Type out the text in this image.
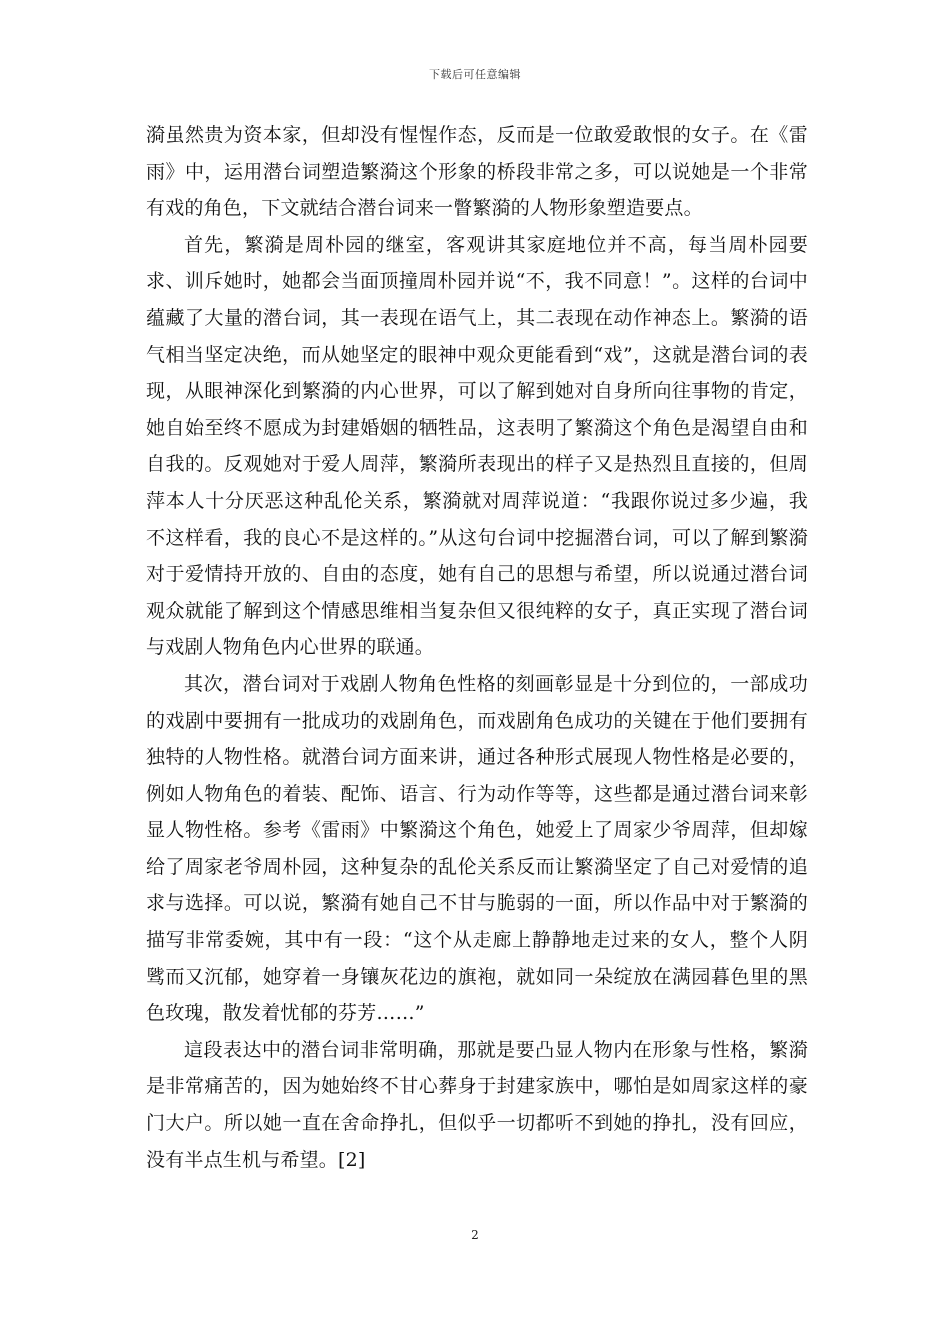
下载后可任意编辑

漪虽然贵为资本家，但却没有惺惺作态，反而是一位敢爱敢恨的女子。在《雷雨》中，运用潜台词塑造繁漪这个形象的桥段非常之多，可以说她是一个非常有戏的角色，下文就结合潜台词来一瞥繁漪的人物形象塑造要点。

首先，繁漪是周朴园的继室，客观讲其家庭地位并不高，每当周朴园要求、训斥她时，她都会当面顶撞周朴园并说“不，我不同意！”。这样的台词中蕴藏了大量的潜台词，其一表现在语气上，其二表现在动作神态上。繁漪的语气相当坚定决绝，而从她坚定的眼神中观众更能看到“戏”，这就是潜台词的表现，从眼神深化到繁漪的内心世界，可以了解到她对自身所向往事物的肯定，她自始至终不愿成为封建婚姻的牺牲品，这表明了繁漪这个角色是渴望自由和自我的。反观她对于爱人周萍，繁漪所表现出的样子又是热烈且直接的，但周萍本人十分厌恶这种乱伦关系，繁漪就对周萍说道：“我跟你说过多少遍，我不这样看，我的良心不是这样的。”从这句台词中挖掘潜台词，可以了解到繁漪对于爱情持开放的、自由的态度，她有自己的思想与希望，所以说通过潜台词观众就能了解到这个情感思维相当复杂但又很纯粹的女子，真正实现了潜台词与戏剧人物角色内心世界的联通。

其次，潜台词对于戏剧人物角色性格的刻画彰显是十分到位的，一部成功的戏剧中要拥有一批成功的戏剧角色，而戏剧角色成功的关键在于他们要拥有独特的人物性格。就潜台词方面来讲，通过各种形式展现人物性格是必要的，例如人物角色的着装、配饰、语言、行为动作等等，这些都是通过潜台词来彰显人物性格。参考《雷雨》中繁漪这个角色，她爱上了周家少爷周萍，但却嫁给了周家老爷周朴园，这种复杂的乱伦关系反而让繁漪坚定了自己对爱情的追求与选择。可以说，繁漪有她自己不甘与脆弱的一面，所以作品中对于繁漪的描写非常委婉，其中有一段：“这个从走廊上静静地走过来的女人，整个人阴骘而又沉郁，她穿着一身镶灰花边的旗袍，就如同一朵绽放在满园暮色里的黑色玫瑰，散发着忧郁的芬芳……”

這段表达中的潜台词非常明确，那就是要凸显人物内在形象与性格，繁漪是非常痛苦的，因为她始终不甘心葬身于封建家族中，哪怕是如周家这样的豪门大户。所以她一直在舍命挣扎，但似乎一切都听不到她的挣扎，没有回应，没有半点生机与希望。[2]

2
